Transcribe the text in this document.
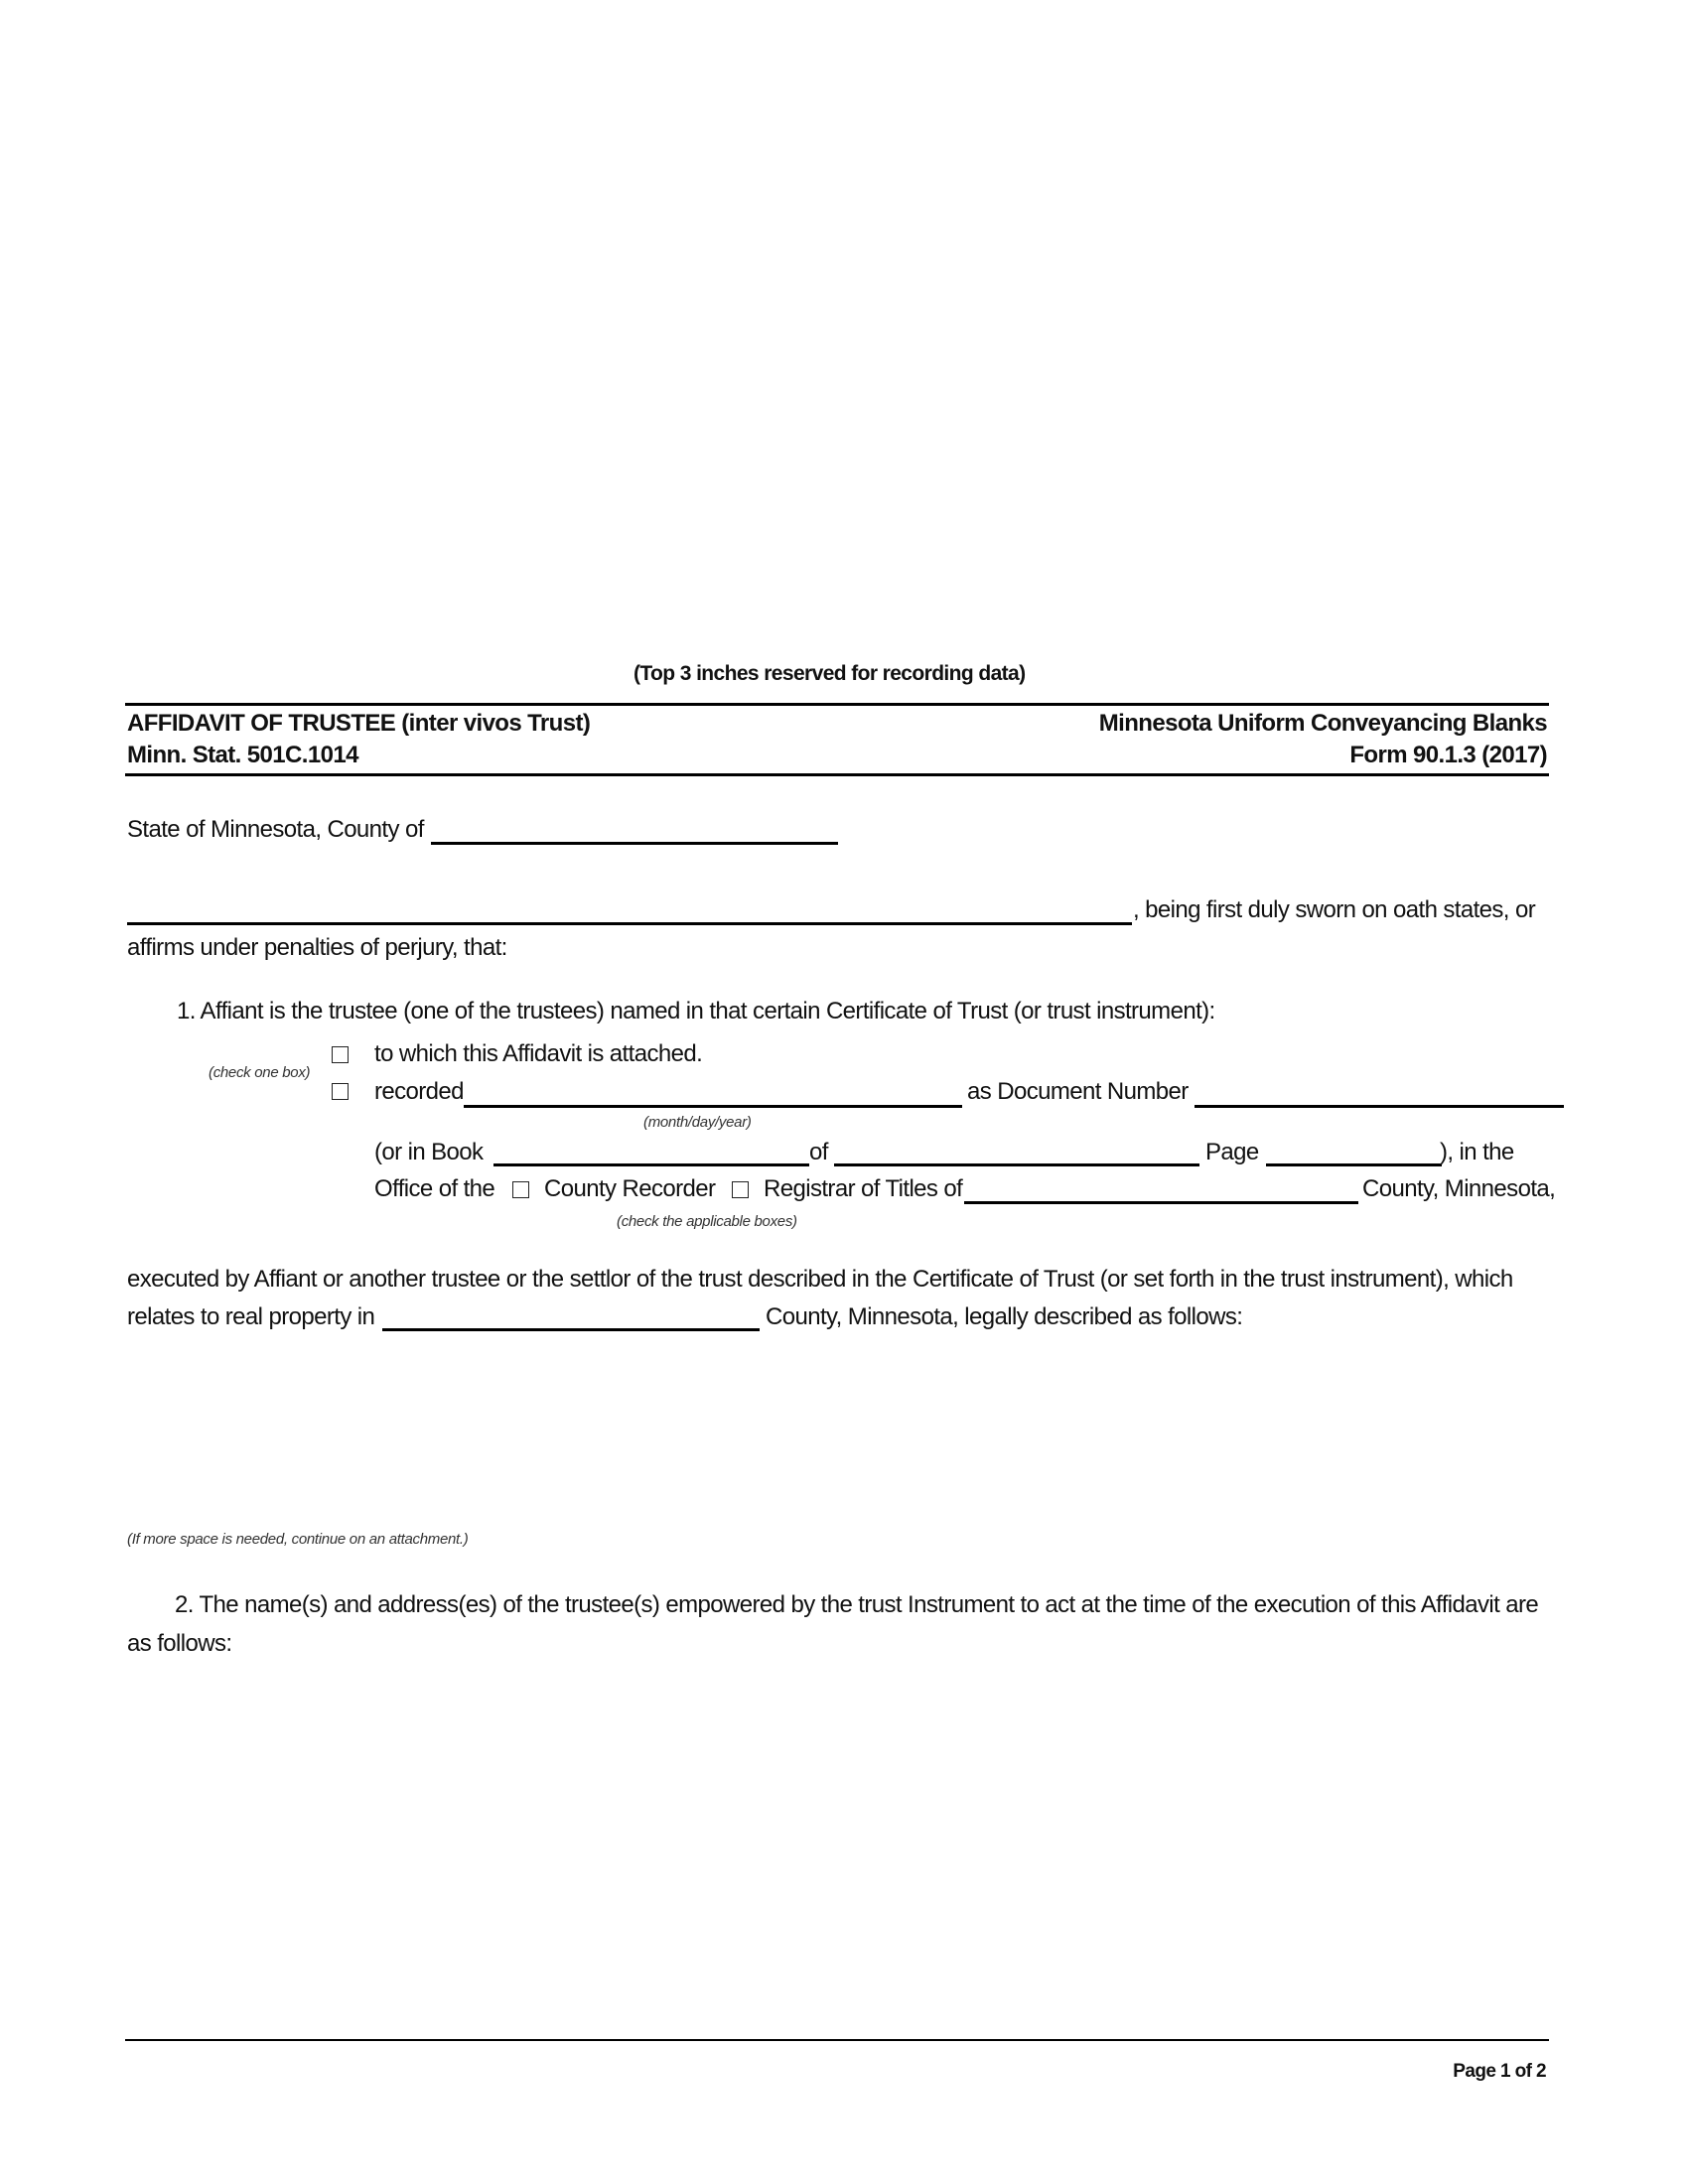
(Top 3 inches reserved for recording data)
AFFIDAVIT OF TRUSTEE (inter vivos Trust)
Minn. Stat. 501C.1014
Minnesota Uniform Conveyancing Blanks
Form 90.1.3 (2017)
State of Minnesota, County of
, being first duly sworn on oath states, or
affirms under penalties of perjury, that:
1. Affiant is the trustee (one of the trustees) named in that certain Certificate of Trust (or trust instrument):
(check one box)
to which this Affidavit is attached.
recorded	as Document Number
(month/day/year)
(or in Book	of	Page	), in the
Office of the County Recorder Registrar of Titles of	County, Minnesota,
(check the applicable boxes)
executed by Affiant or another trustee or the settlor of the trust described in the Certificate of Trust (or set forth in the trust instrument), which
relates to real property in	County, Minnesota, legally described as follows:
(If more space is needed, continue on an attachment.)
2. The name(s) and address(es) of the trustee(s) empowered by the trust Instrument to act at the time of the execution of this Affidavit are
as follows:
Page 1 of 2
